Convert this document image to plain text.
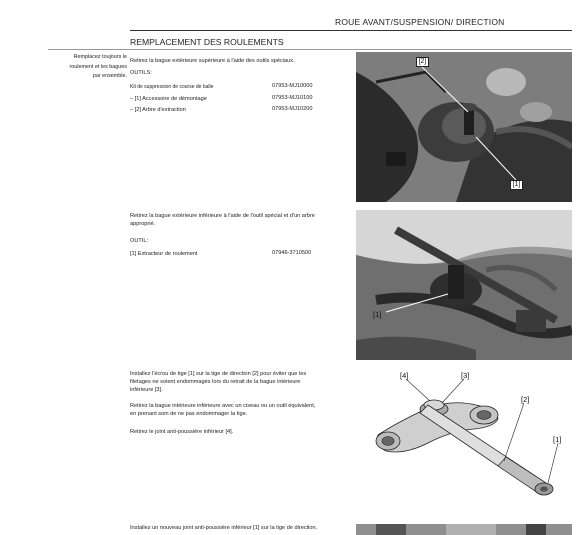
ROUE AVANT/SUSPENSION/ DIRECTION
REMPLACEMENT DES ROULEMENTS
Remplacez toujours le
roulement et les bagues
par ensemble.
Retirez la bague extérieure supérieure à l'aide des outils spéciaux.
OUTILS:
Kit de suppression de course de balle	07953-MJ10000
– [1] Accessoire de démontage	07953-MJ10100
– [2] Arbre d'extraction	07953-MJ10200
[2]
[1]
Retirez la bague extérieure inférieure à l'aide de l'outil spécial et d'un arbre
approprié.
OUTIL:
[1] Extracteur de roulement	07946-3710500
[1]
Installez l'écrou de tige [1] sur la tige de direction [2] pour éviter que les
filetages ne soient endommagés lors du retrait de la bague intérieure
inférieure [3].
Retirez la bague intérieure inférieure avec un ciseau ou un outil équivalent,
en prenant soin de ne pas endommager la tige.
Retirez le joint anti-poussière inférieur [4].
[4]	[3]
[2]
[1]
Installez un nouveau joint anti-poussière inférieur [1] sur la tige de direction.
